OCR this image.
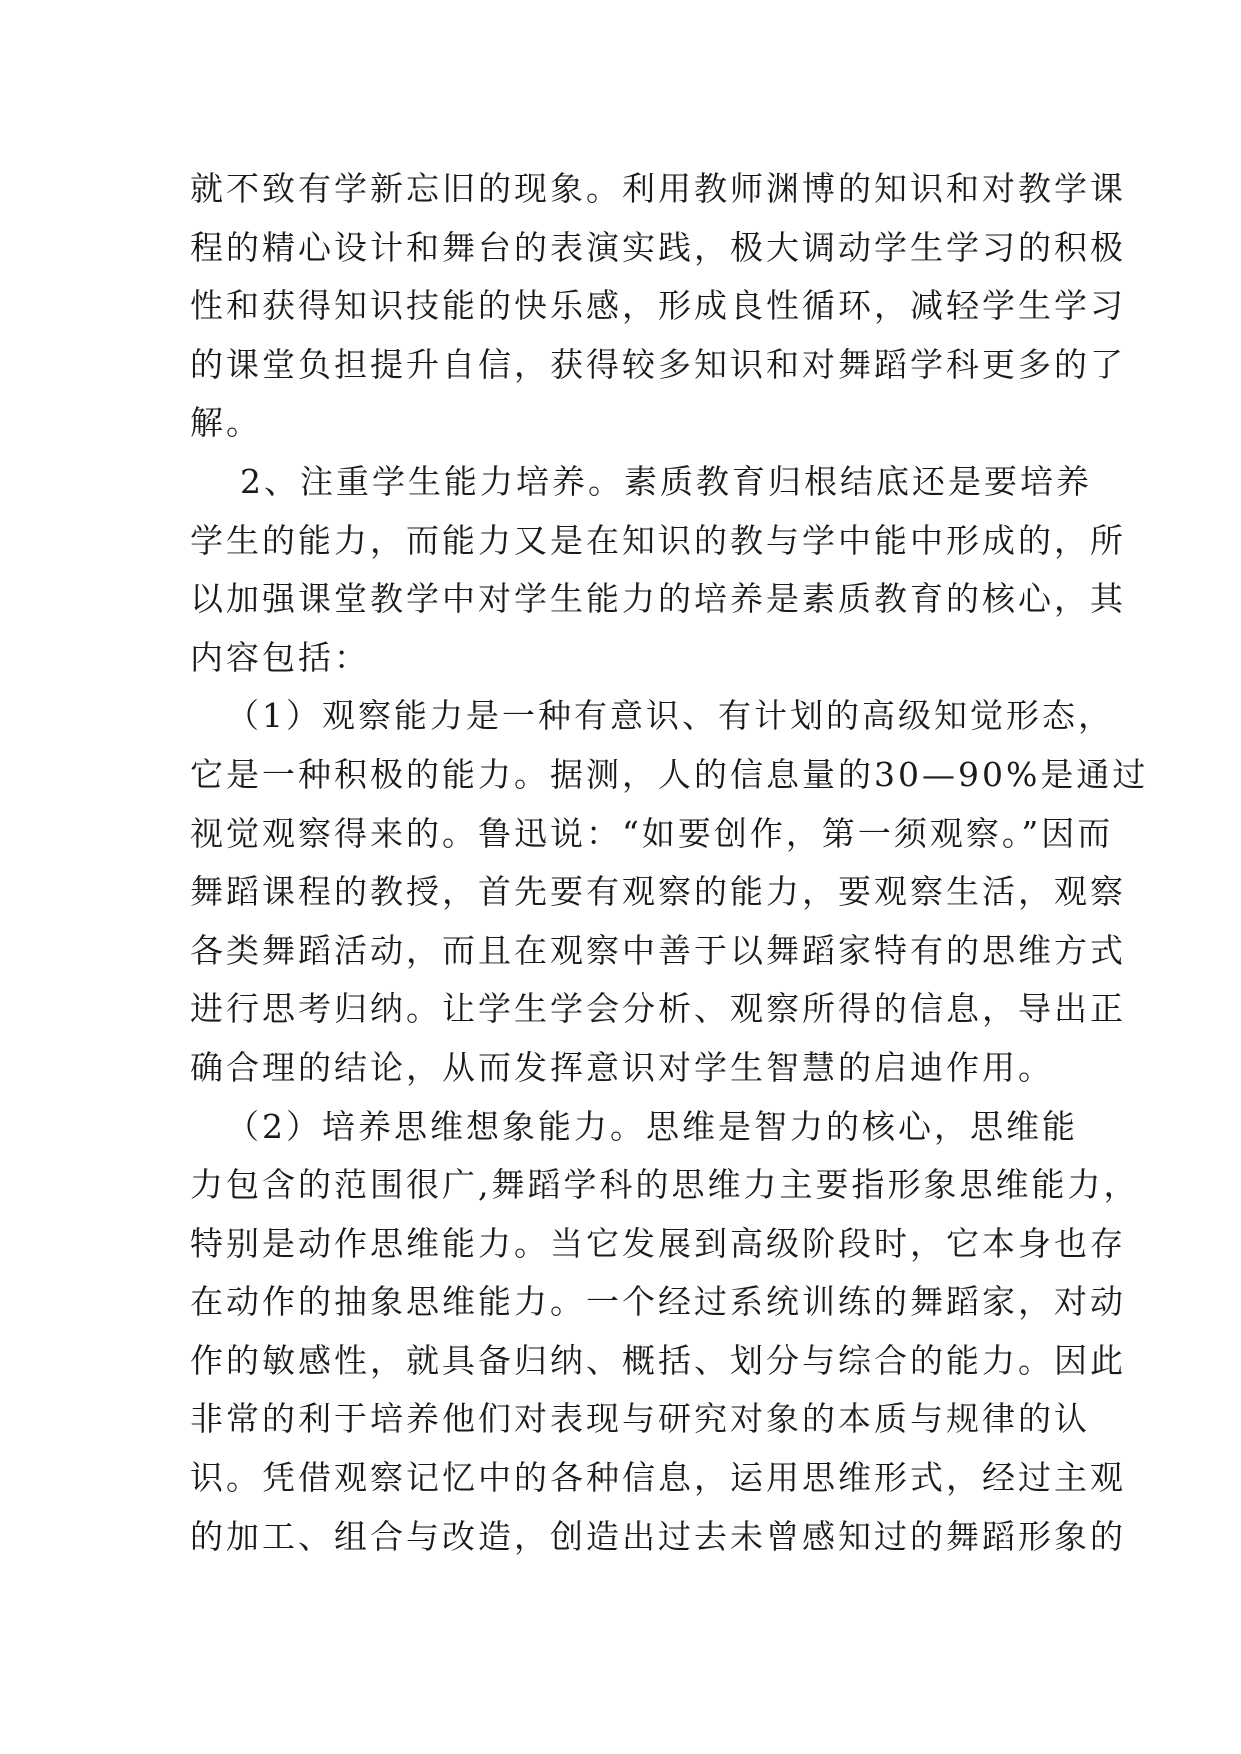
就不致有学新忘旧的现象。利用教师渊博的知识和对教学课
程的精心设计和舞台的表演实践，极大调动学生学习的积极
性和获得知识技能的快乐感，形成良性循环，减轻学生学习
的课堂负担提升自信，获得较多知识和对舞蹈学科更多的了
解。
2、注重学生能力培养。素质教育归根结底还是要培养
学生的能力，而能力又是在知识的教与学中能中形成的，所
以加强课堂教学中对学生能力的培养是素质教育的核心，其
内容包括：
（1）观察能力是一种有意识、有计划的高级知觉形态，
它是一种积极的能力。据测，人的信息量的30—90%是通过
视觉观察得来的。鲁迅说：“如要创作，第一须观察。”因而
舞蹈课程的教授，首先要有观察的能力，要观察生活，观察
各类舞蹈活动，而且在观察中善于以舞蹈家特有的思维方式
进行思考归纳。让学生学会分析、观察所得的信息，导出正
确合理的结论，从而发挥意识对学生智慧的启迪作用。
（2）培养思维想象能力。思维是智力的核心，思维能
力包含的范围很广,舞蹈学科的思维力主要指形象思维能力，
特别是动作思维能力。当它发展到高级阶段时，它本身也存
在动作的抽象思维能力。一个经过系统训练的舞蹈家，对动
作的敏感性，就具备归纳、概括、划分与综合的能力。因此
非常的利于培养他们对表现与研究对象的本质与规律的认
识。凭借观察记忆中的各种信息，运用思维形式，经过主观
的加工、组合与改造，创造出过去未曾感知过的舞蹈形象的
